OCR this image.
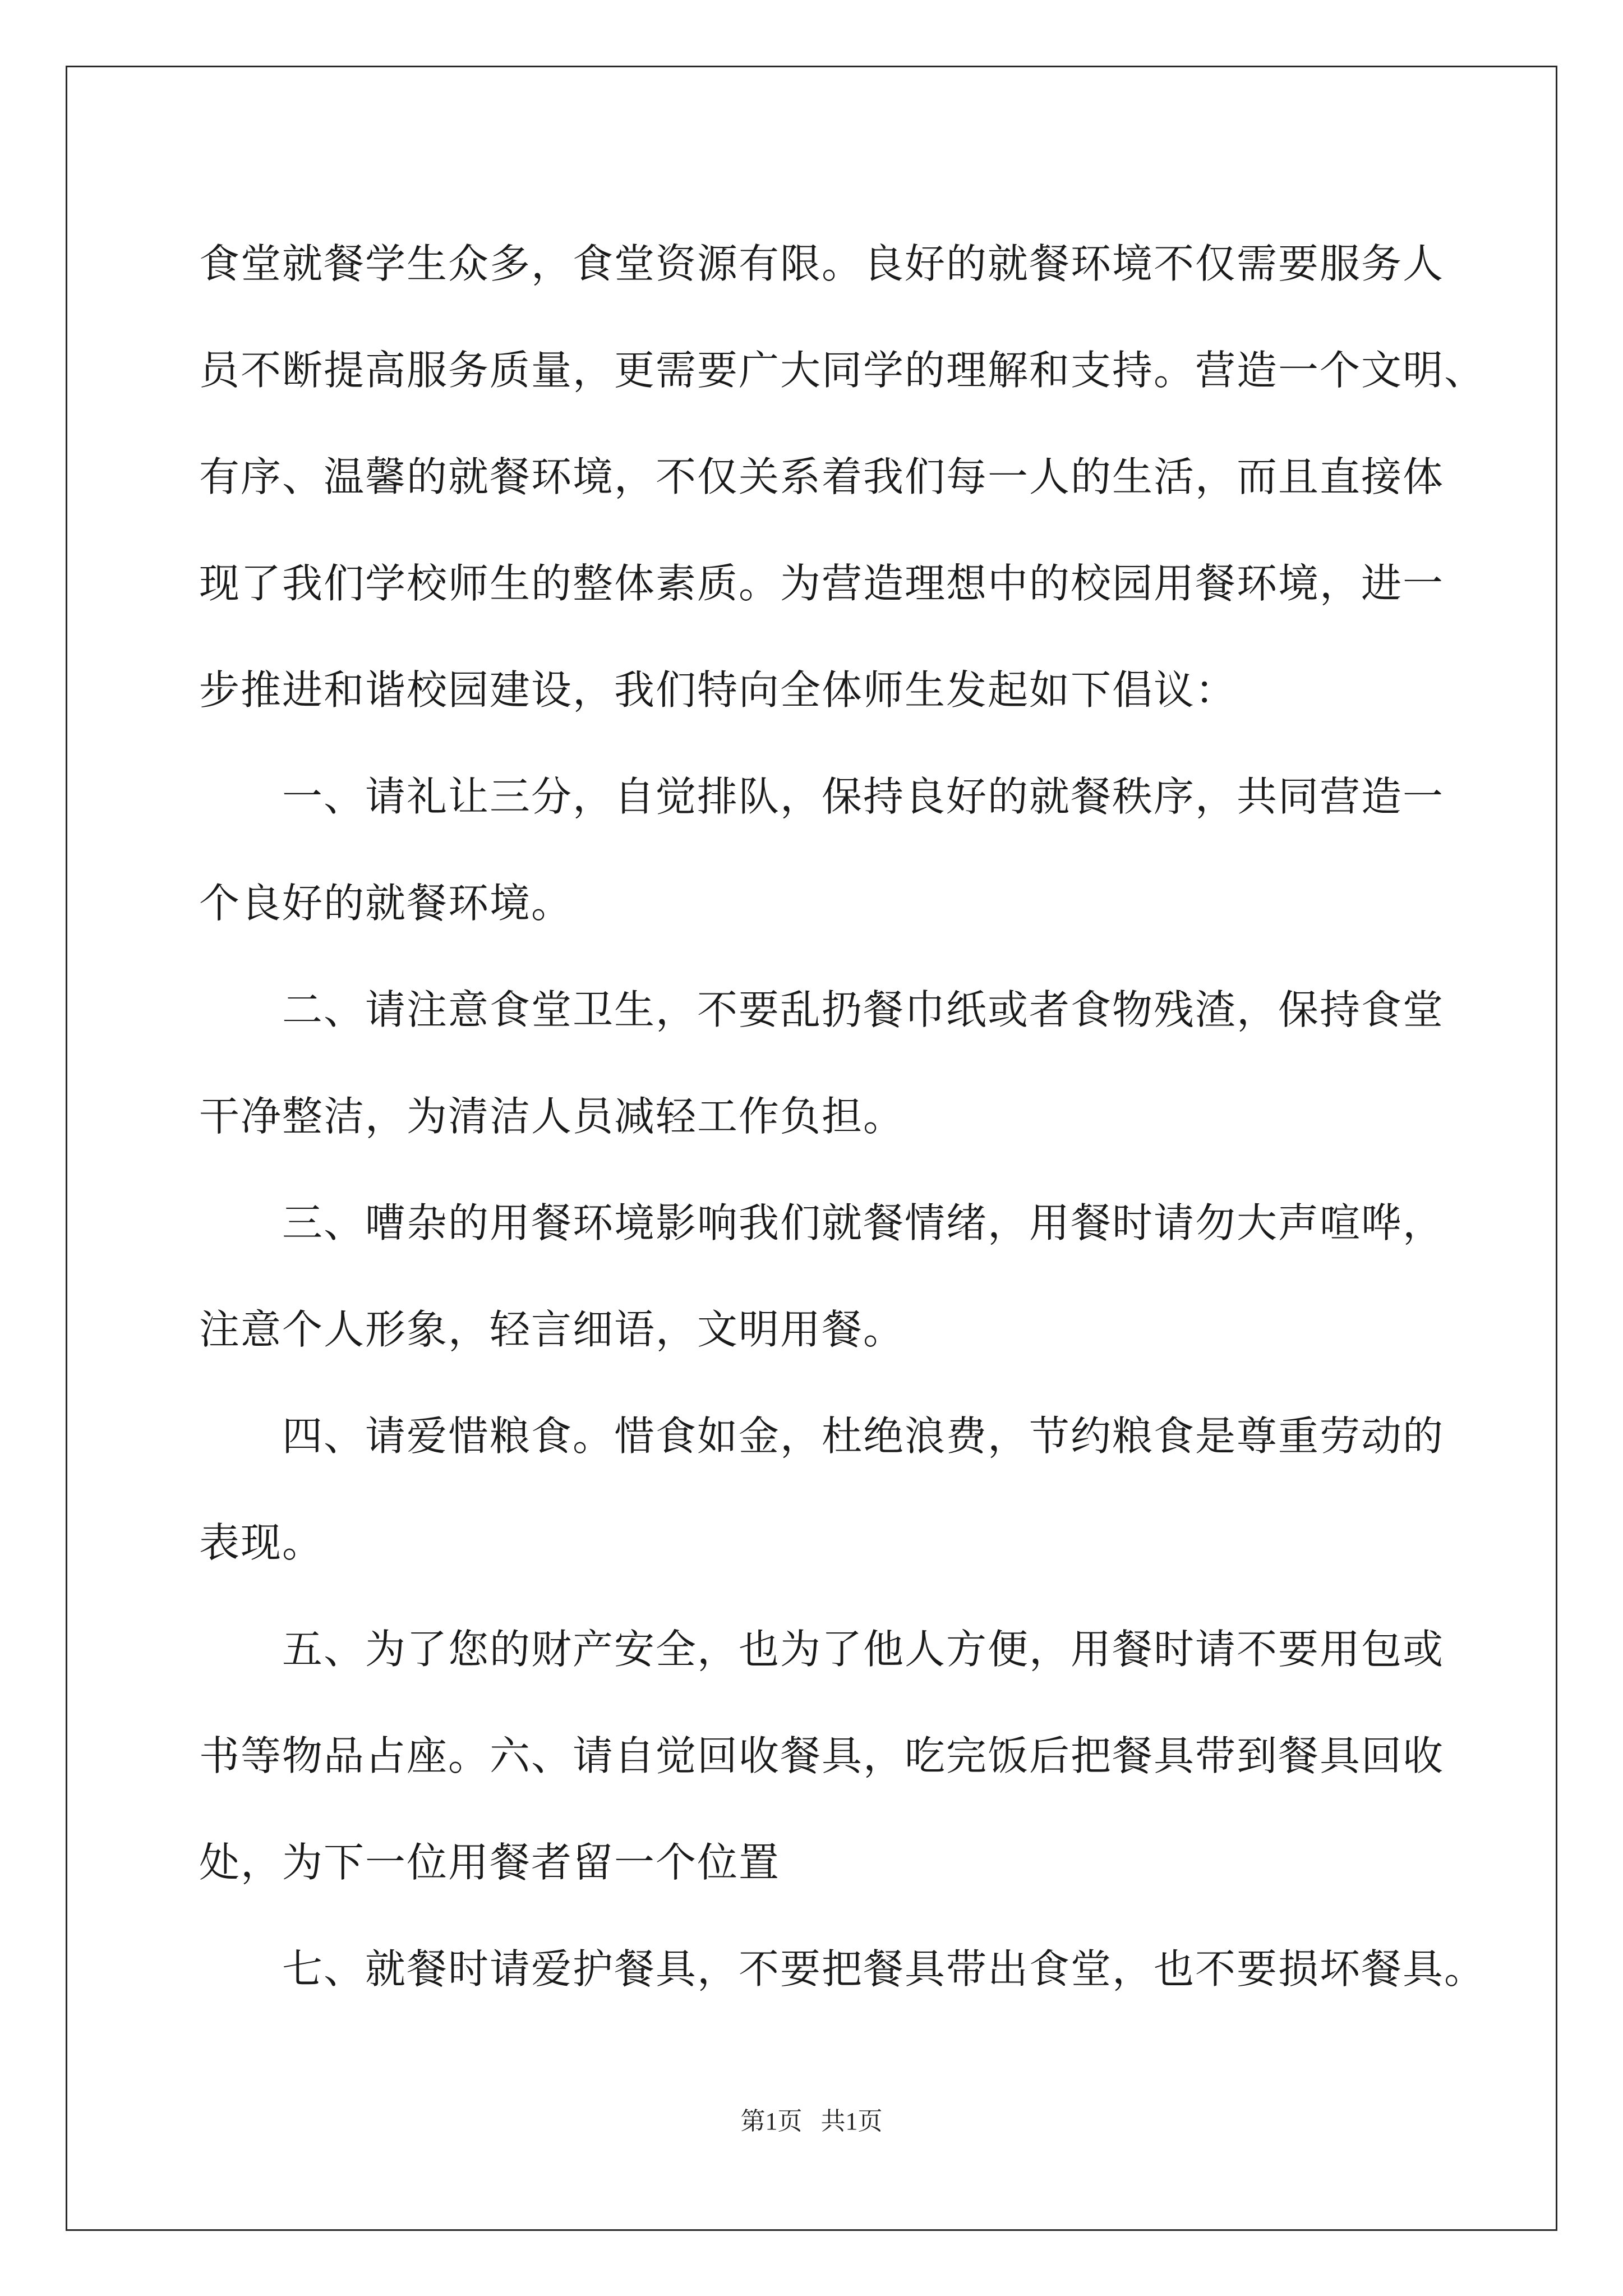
食堂就餐学生众多，食堂资源有限。良好的就餐环境不仅需要服务人
员不断提高服务质量，更需要广大同学的理解和支持。营造一个文明、
有序、温馨的就餐环境，不仅关系着我们每一人的生活，而且直接体
现了我们学校师生的整体素质。为营造理想中的校园用餐环境，进一
步推进和谐校园建设，我们特向全体师生发起如下倡议：
一、请礼让三分，自觉排队，保持良好的就餐秩序，共同营造一
个良好的就餐环境。
二、请注意食堂卫生，不要乱扔餐巾纸或者食物残渣，保持食堂
干净整洁，为清洁人员减轻工作负担。
三、嘈杂的用餐环境影响我们就餐情绪，用餐时请勿大声喧哗，
注意个人形象，轻言细语，文明用餐。
四、请爱惜粮食。惜食如金，杜绝浪费，节约粮食是尊重劳动的
表现。
五、为了您的财产安全，也为了他人方便，用餐时请不要用包或
书等物品占座。六、请自觉回收餐具，吃完饭后把餐具带到餐具回收
处，为下一位用餐者留一个位置
七、就餐时请爱护餐具，不要把餐具带出食堂，也不要损坏餐具。
第1页   共1页
